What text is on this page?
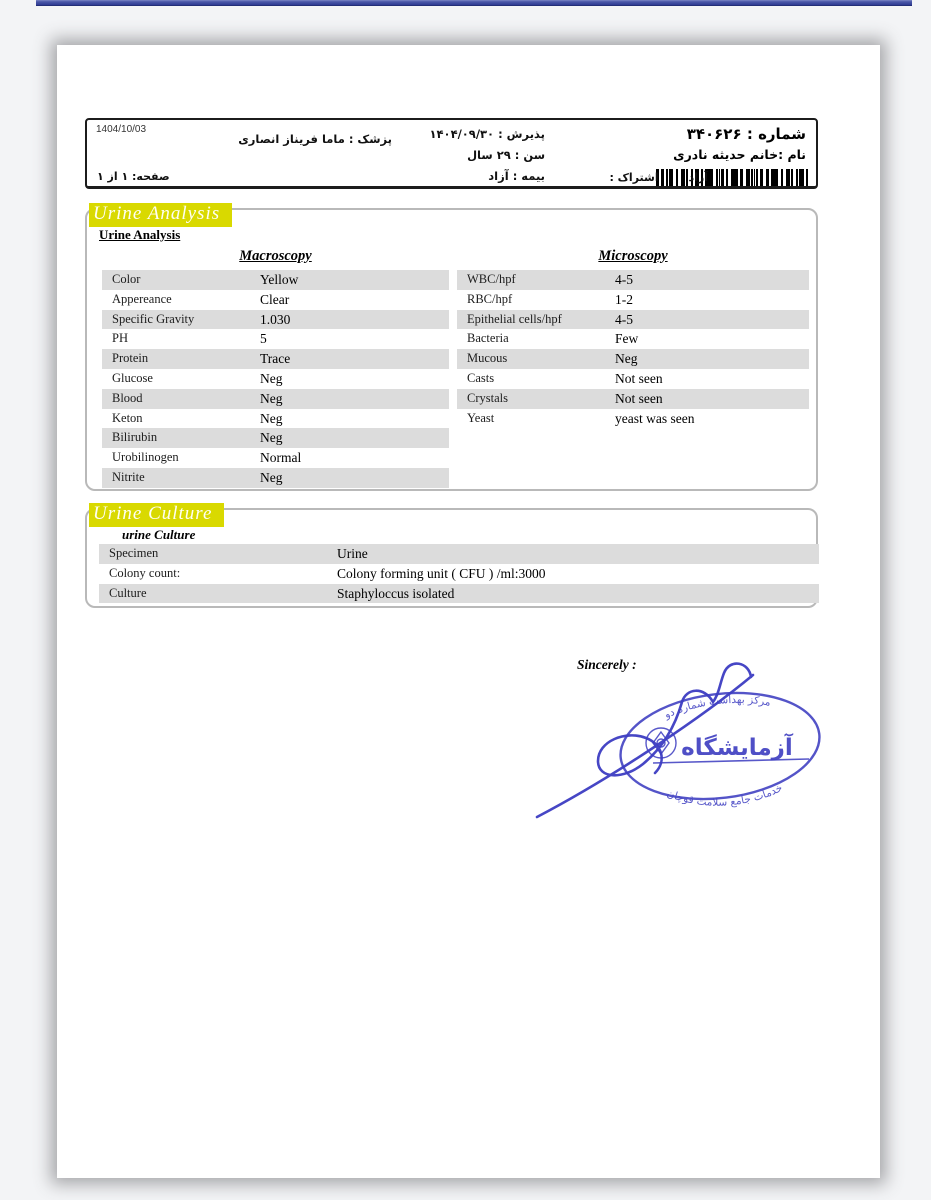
1404/10/03
پزشک : ماما فریناز انصاری	پذیرش : ۱۴۰۴/۰۹/۳۰
سن : ۲۹ سال
بیمه : آزاد
شماره : ۳۴۰۶۲۶
نام :خانم حدیثه نادری
آزاد اشتراک :
صفحه: ۱ از ۱
Urine Analysis
Urine Analysis
Macroscopy	Microscopy
Color	Yellow
Appereance	Clear
Specific Gravity	1.030
PH	5
Protein	Trace
Glucose	Neg
Blood	Neg
Keton	Neg
Bilirubin	Neg
Urobilinogen	Normal
Nitrite	Neg
WBC/hpf	4-5
RBC/hpf	1-2
Epithelial cells/hpf	4-5
Bacteria	Few
Mucous	Neg
Casts	Not seen
Crystals	Not seen
Yeast	yeast was seen
Urine Culture
urine Culture
Specimen	Urine
Colony count:	Colony forming unit ( CFU ) /ml:3000
Culture	Staphyloccus isolated
Sincerely :
مرکز بهداشت شماره دو
خدمات جامع سلامت قوچان
آزمایشگاه
